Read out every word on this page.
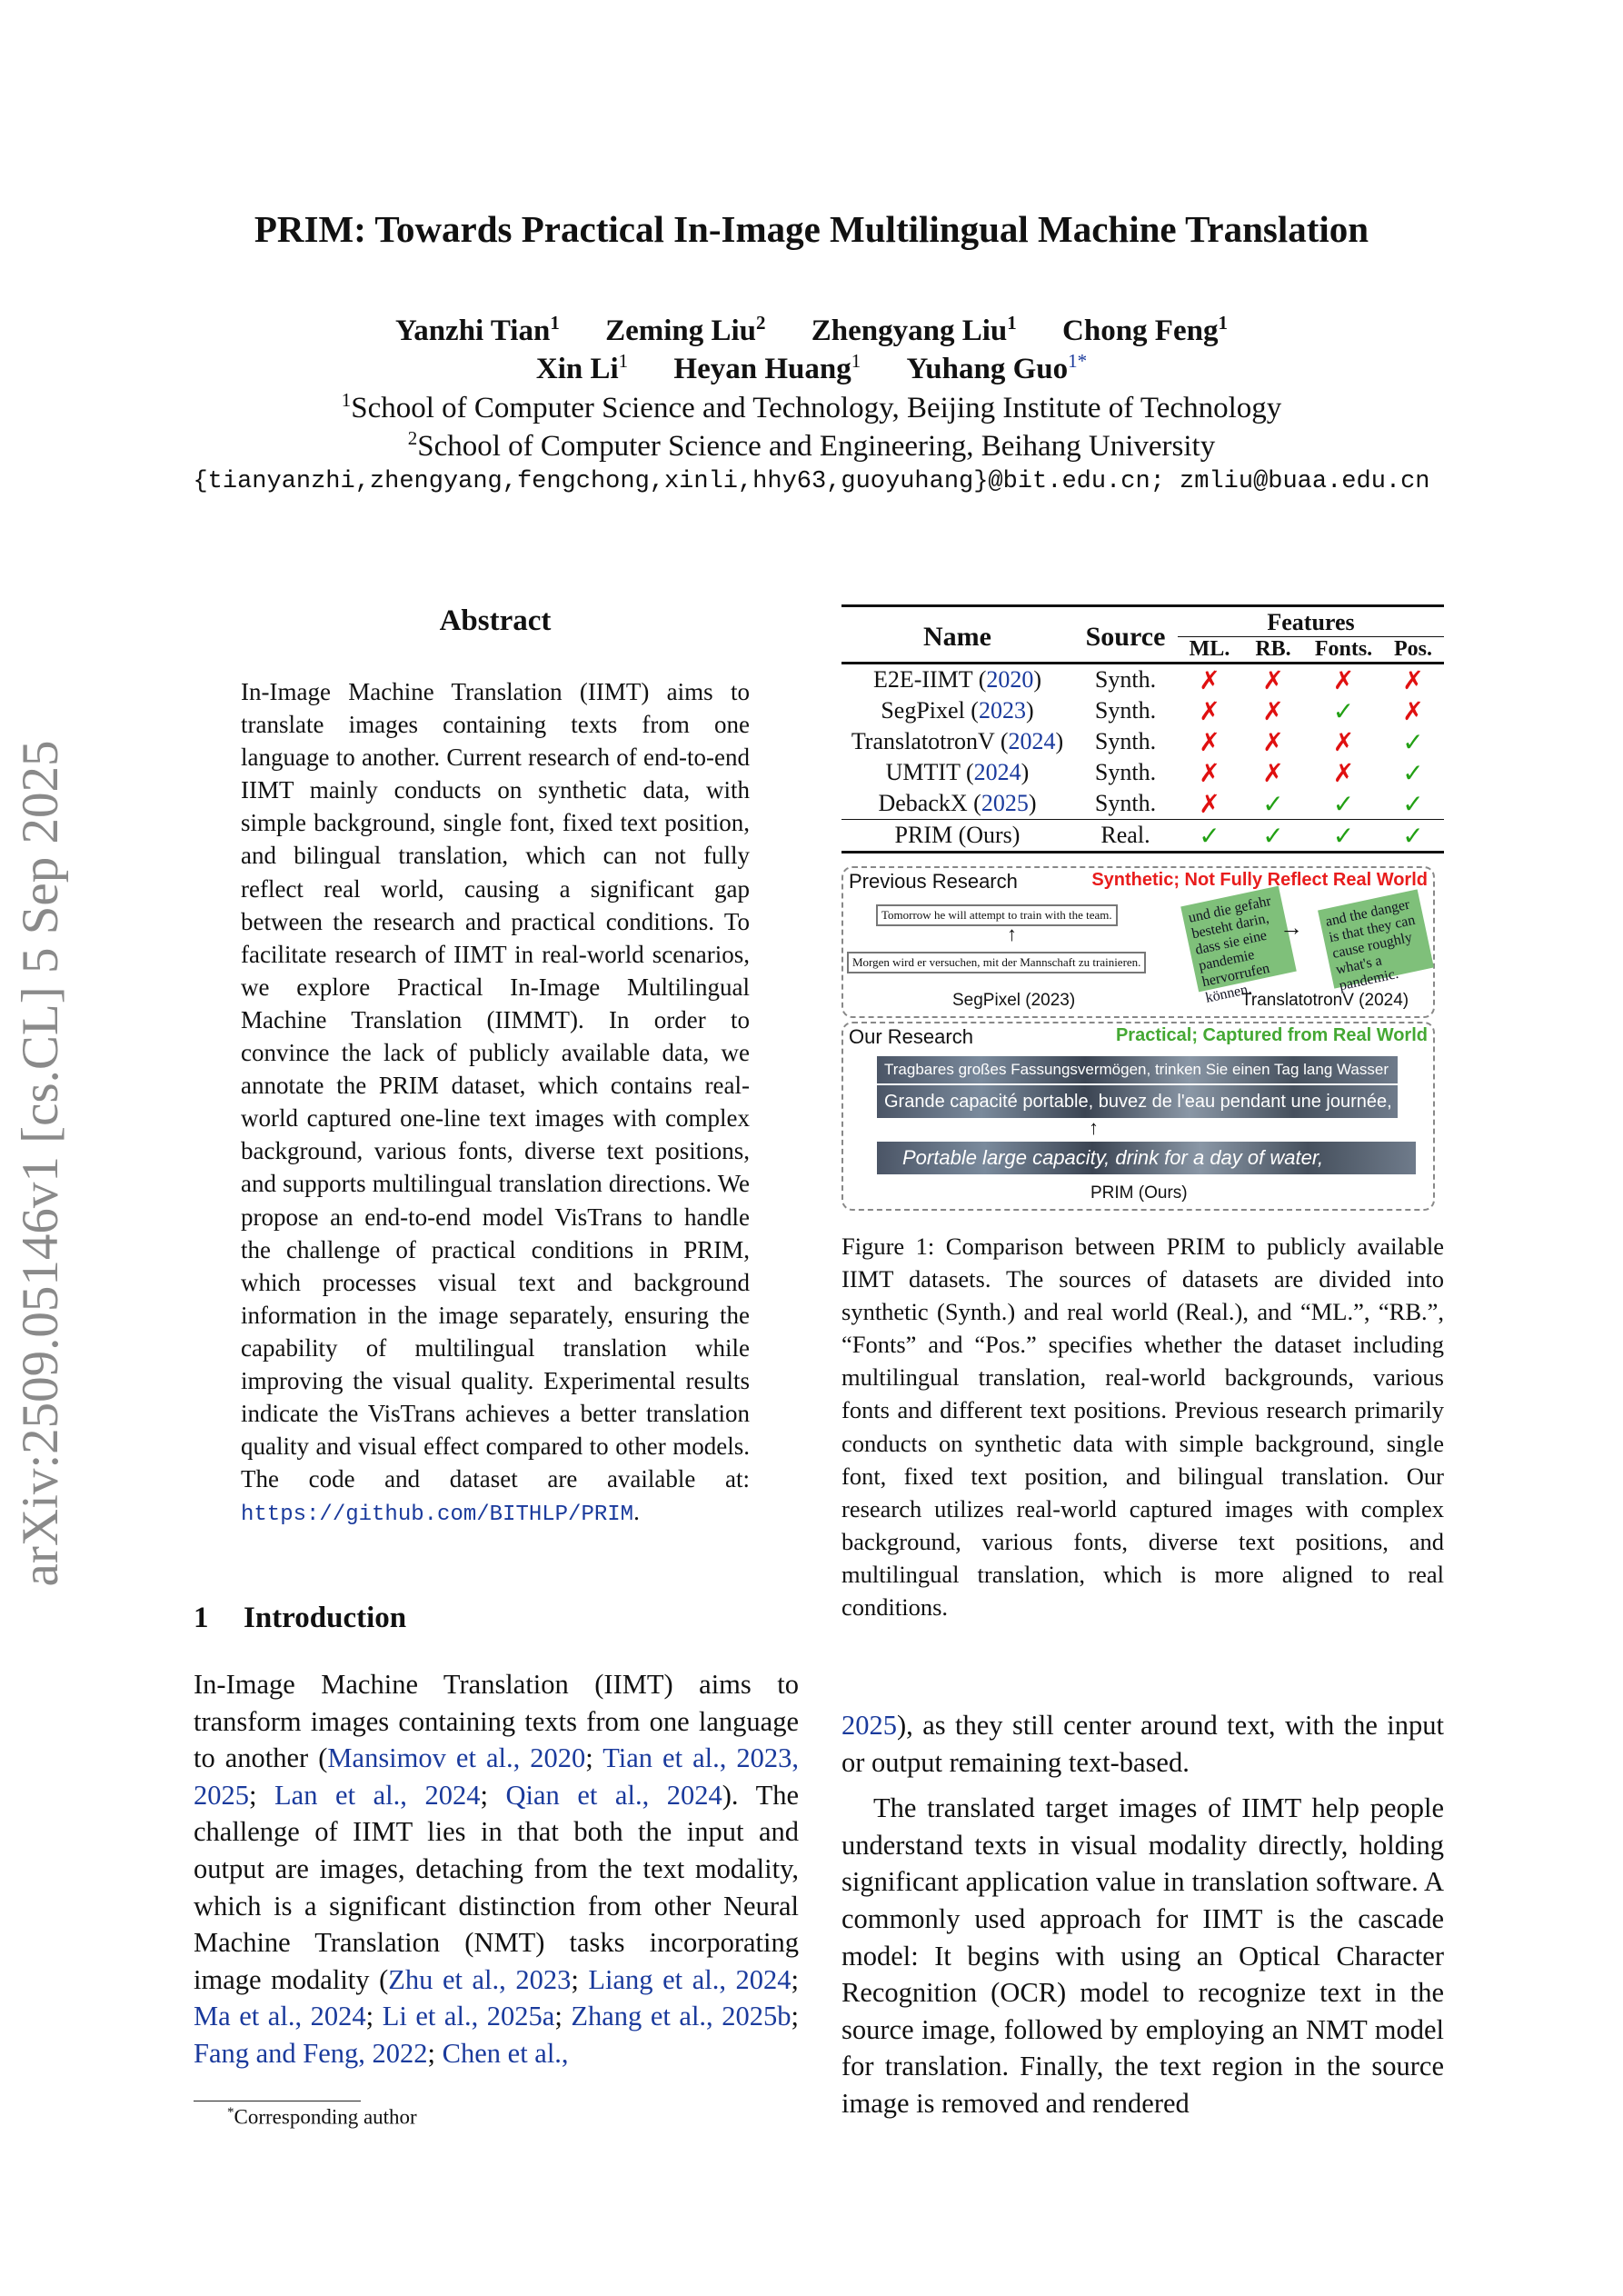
arXiv:2509.05146v1 [cs.CL] 5 Sep 2025
PRIM: Towards Practical In-Image Multilingual Machine Translation
Yanzhi Tian$^1$ Zeming Liu$^2$ Zhengyang Liu$^1$ Chong Feng$^1$
Xin Li$^1$ Heyan Huang$^1$ Yuhang Guo$^{1*}$
$^1$School of Computer Science and Technology, Beijing Institute of Technology
$^2$School of Computer Science and Engineering, Beihang University
{tianyanzhi,zhengyang,fengchong,xinli,hhy63,guoyuhang}@bit.edu.cn; zmliu@buaa.edu.cn
Abstract
In-Image Machine Translation (IIMT) aims to translate images containing texts from one language to another. Current research of end-to-end IIMT mainly conducts on synthetic data, with simple background, single font, fixed text position, and bilingual translation, which can not fully reflect real world, causing a significant gap between the research and practical conditions. To facilitate research of IIMT in real-world scenarios, we explore Practical In-Image Multilingual Machine Translation (IIMMT). In order to convince the lack of publicly available data, we annotate the PRIM dataset, which contains real-world captured one-line text images with complex background, various fonts, diverse text positions, and supports multilingual translation directions. We propose an end-to-end model VisTrans to handle the challenge of practical conditions in PRIM, which processes visual text and background information in the image separately, ensuring the capability of multilingual translation while improving the visual quality. Experimental results indicate the VisTrans achieves a better translation quality and visual effect compared to other models. The code and dataset are available at: https://github.com/BITHLP/PRIM.
1 Introduction
In-Image Machine Translation (IIMT) aims to transform images containing texts from one language to another (Mansimov et al., 2020; Tian et al., 2023, 2025; Lan et al., 2024; Qian et al., 2024). The challenge of IIMT lies in that both the input and output are images, detaching from the text modality, which is a significant distinction from other Neural Machine Translation (NMT) tasks incorporating image modality (Zhu et al., 2023; Liang et al., 2024; Ma et al., 2024; Li et al., 2025a; Zhang et al., 2025b; Fang and Feng, 2022; Chen et al.,
*Corresponding author
Name	Source	Features			
		ML.	RB.	Fonts.	Pos.
E2E-IIMT (2020)	Synth.	✗	✗	✗	✗
SegPixel (2023)	Synth.	✗	✗	✓	✗
TranslatotronV (2024)	Synth.	✗	✗	✗	✓
UMTIT (2024)	Synth.	✗	✗	✗	✓
DebackX (2025)	Synth.	✗	✓	✓	✓
PRIM (Ours)	Real.	✓	✓	✓	✓
Previous Research	Synthetic; Not Fully Reflect Real World
Tomorrow he will attempt to train with the team.
↑
Morgen wird er versuchen, mit der Mannschaft zu trainieren.
SegPixel (2023)
und die gefahr besteht darin, dass sie eine pandemie hervorrufen können.
→	and the danger is that they can cause roughly what's a pandemic.
TranslatotronV (2024)
Our Research	Practical; Captured from Real World
Tragbares großes Fassungsvermögen, trinken Sie einen Tag lang Wasser
Grande capacité portable, buvez de l'eau pendant une journée,
↑
Portable large capacity, drink for a day of water,
PRIM (Ours)
Figure 1: Comparison between PRIM to publicly available IIMT datasets. The sources of datasets are divided into synthetic (Synth.) and real world (Real.), and “ML.”, “RB.”, “Fonts” and “Pos.” specifies whether the dataset including multilingual translation, real-world backgrounds, various fonts and different text positions. Previous research primarily conducts on synthetic data with simple background, single font, fixed text position, and bilingual translation. Our research utilizes real-world captured images with complex background, various fonts, diverse text positions, and multilingual translation, which is more aligned to real conditions.

2025), as they still center around text, with the input or output remaining text-based.

The translated target images of IIMT help people understand texts in visual modality directly, holding significant application value in translation software. A commonly used approach for IIMT is the cascade model: It begins with using an Optical Character Recognition (OCR) model to recognize text in the source image, followed by employing an NMT model for translation. Finally, the text region in the source image is removed and rendered
